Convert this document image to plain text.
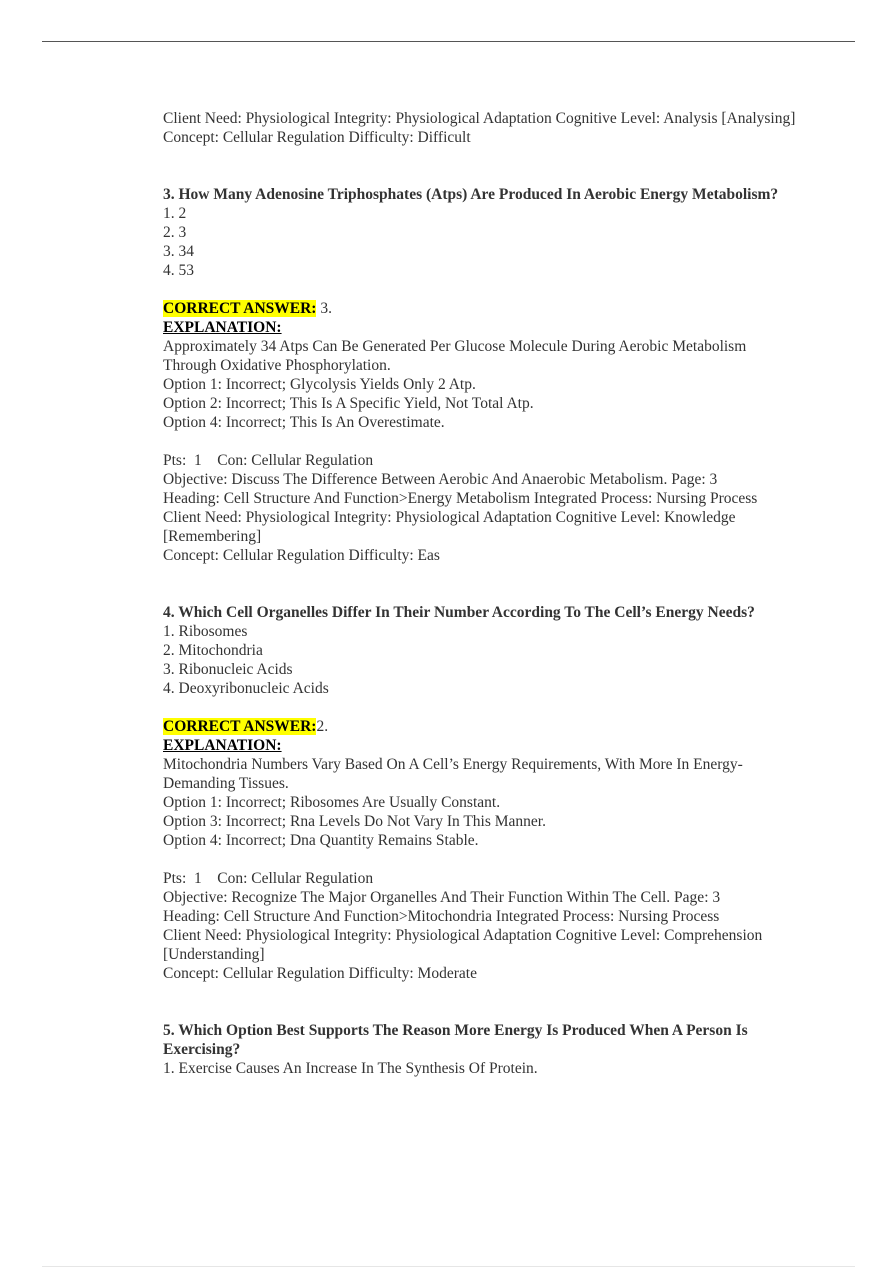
Client Need: Physiological Integrity: Physiological Adaptation Cognitive Level: Analysis [Analysing]
Concept: Cellular Regulation Difficulty: Difficult
3. How Many Adenosine Triphosphates (Atps) Are Produced In Aerobic Energy Metabolism?
1. 2
2. 3
3. 34
4. 53
CORRECT ANSWER: 3.
EXPLANATION:
Approximately 34 Atps Can Be Generated Per Glucose Molecule During Aerobic Metabolism Through Oxidative Phosphorylation.
Option 1: Incorrect; Glycolysis Yields Only 2 Atp.
Option 2: Incorrect; This Is A Specific Yield, Not Total Atp.
Option 4: Incorrect; This Is An Overestimate.
Pts:  1    Con: Cellular Regulation
Objective: Discuss The Difference Between Aerobic And Anaerobic Metabolism. Page: 3
Heading: Cell Structure And Function>Energy Metabolism Integrated Process: Nursing Process
Client Need: Physiological Integrity: Physiological Adaptation Cognitive Level: Knowledge [Remembering]
Concept: Cellular Regulation Difficulty: Eas
4. Which Cell Organelles Differ In Their Number According To The Cell’s Energy Needs?
1. Ribosomes
2. Mitochondria
3. Ribonucleic Acids
4. Deoxyribonucleic Acids
CORRECT ANSWER:2.
EXPLANATION:
Mitochondria Numbers Vary Based On A Cell’s Energy Requirements, With More In Energy-Demanding Tissues.
Option 1: Incorrect; Ribosomes Are Usually Constant.
Option 3: Incorrect; Rna Levels Do Not Vary In This Manner.
Option 4: Incorrect; Dna Quantity Remains Stable.
Pts:  1    Con: Cellular Regulation
Objective: Recognize The Major Organelles And Their Function Within The Cell. Page: 3
Heading: Cell Structure And Function>Mitochondria Integrated Process: Nursing Process
Client Need: Physiological Integrity: Physiological Adaptation Cognitive Level: Comprehension [Understanding]
Concept: Cellular Regulation Difficulty: Moderate
5. Which Option Best Supports The Reason More Energy Is Produced When A Person Is Exercising?
1. Exercise Causes An Increase In The Synthesis Of Protein.
